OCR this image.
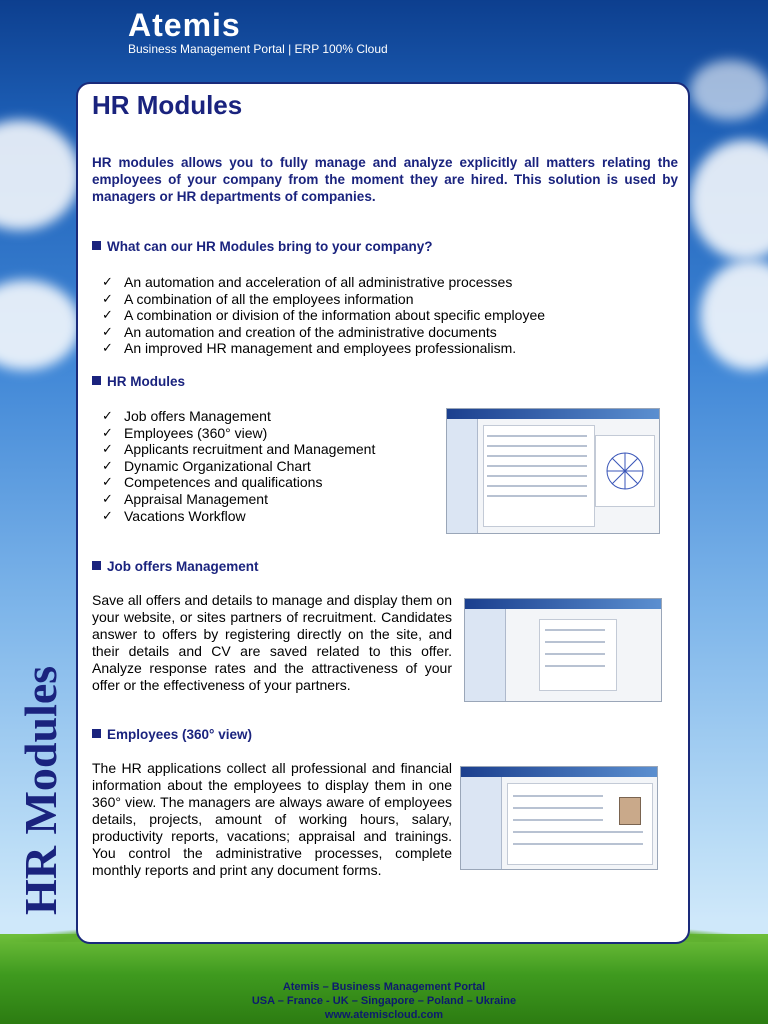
Atemis
Business Management Portal | ERP 100% Cloud
HR Modules
HR Modules

HR modules allows you to fully manage and analyze explicitly all matters relating the employees of your company from the moment they are hired. This solution is used by managers or HR departments of companies.

What can our HR Modules bring to your company?
✓ An automation and acceleration of all administrative processes
✓ A combination of all the employees information
✓ A combination or division of the information about specific employee
✓ An automation and creation of the administrative documents
✓ An improved HR management and employees professionalism.
HR Modules
✓ Job offers Management
✓ Employees (360° view)
✓ Applicants recruitment and Management
✓ Dynamic Organizational Chart
✓ Competences and qualifications
✓ Appraisal Management
✓ Vacations Workflow
Job offers Management

Save all offers and details to manage and display them on your website, or sites partners of recruitment. Candidates answer to offers by registering directly on the site, and their details and CV are saved related to this offer. Analyze response rates and the attractiveness of your offer or the effectiveness of your partners.

Employees (360° view)

The HR applications collect all professional and financial information about the employees to display them in one 360° view. The managers are always aware of employees details, projects, amount of working hours, salary, productivity reports, vacations; appraisal and trainings. You control the administrative processes, complete monthly reports and print any document forms.

Atemis – Business Management Portal
USA – France - UK – Singapore – Poland – Ukraine
www.atemiscloud.com
